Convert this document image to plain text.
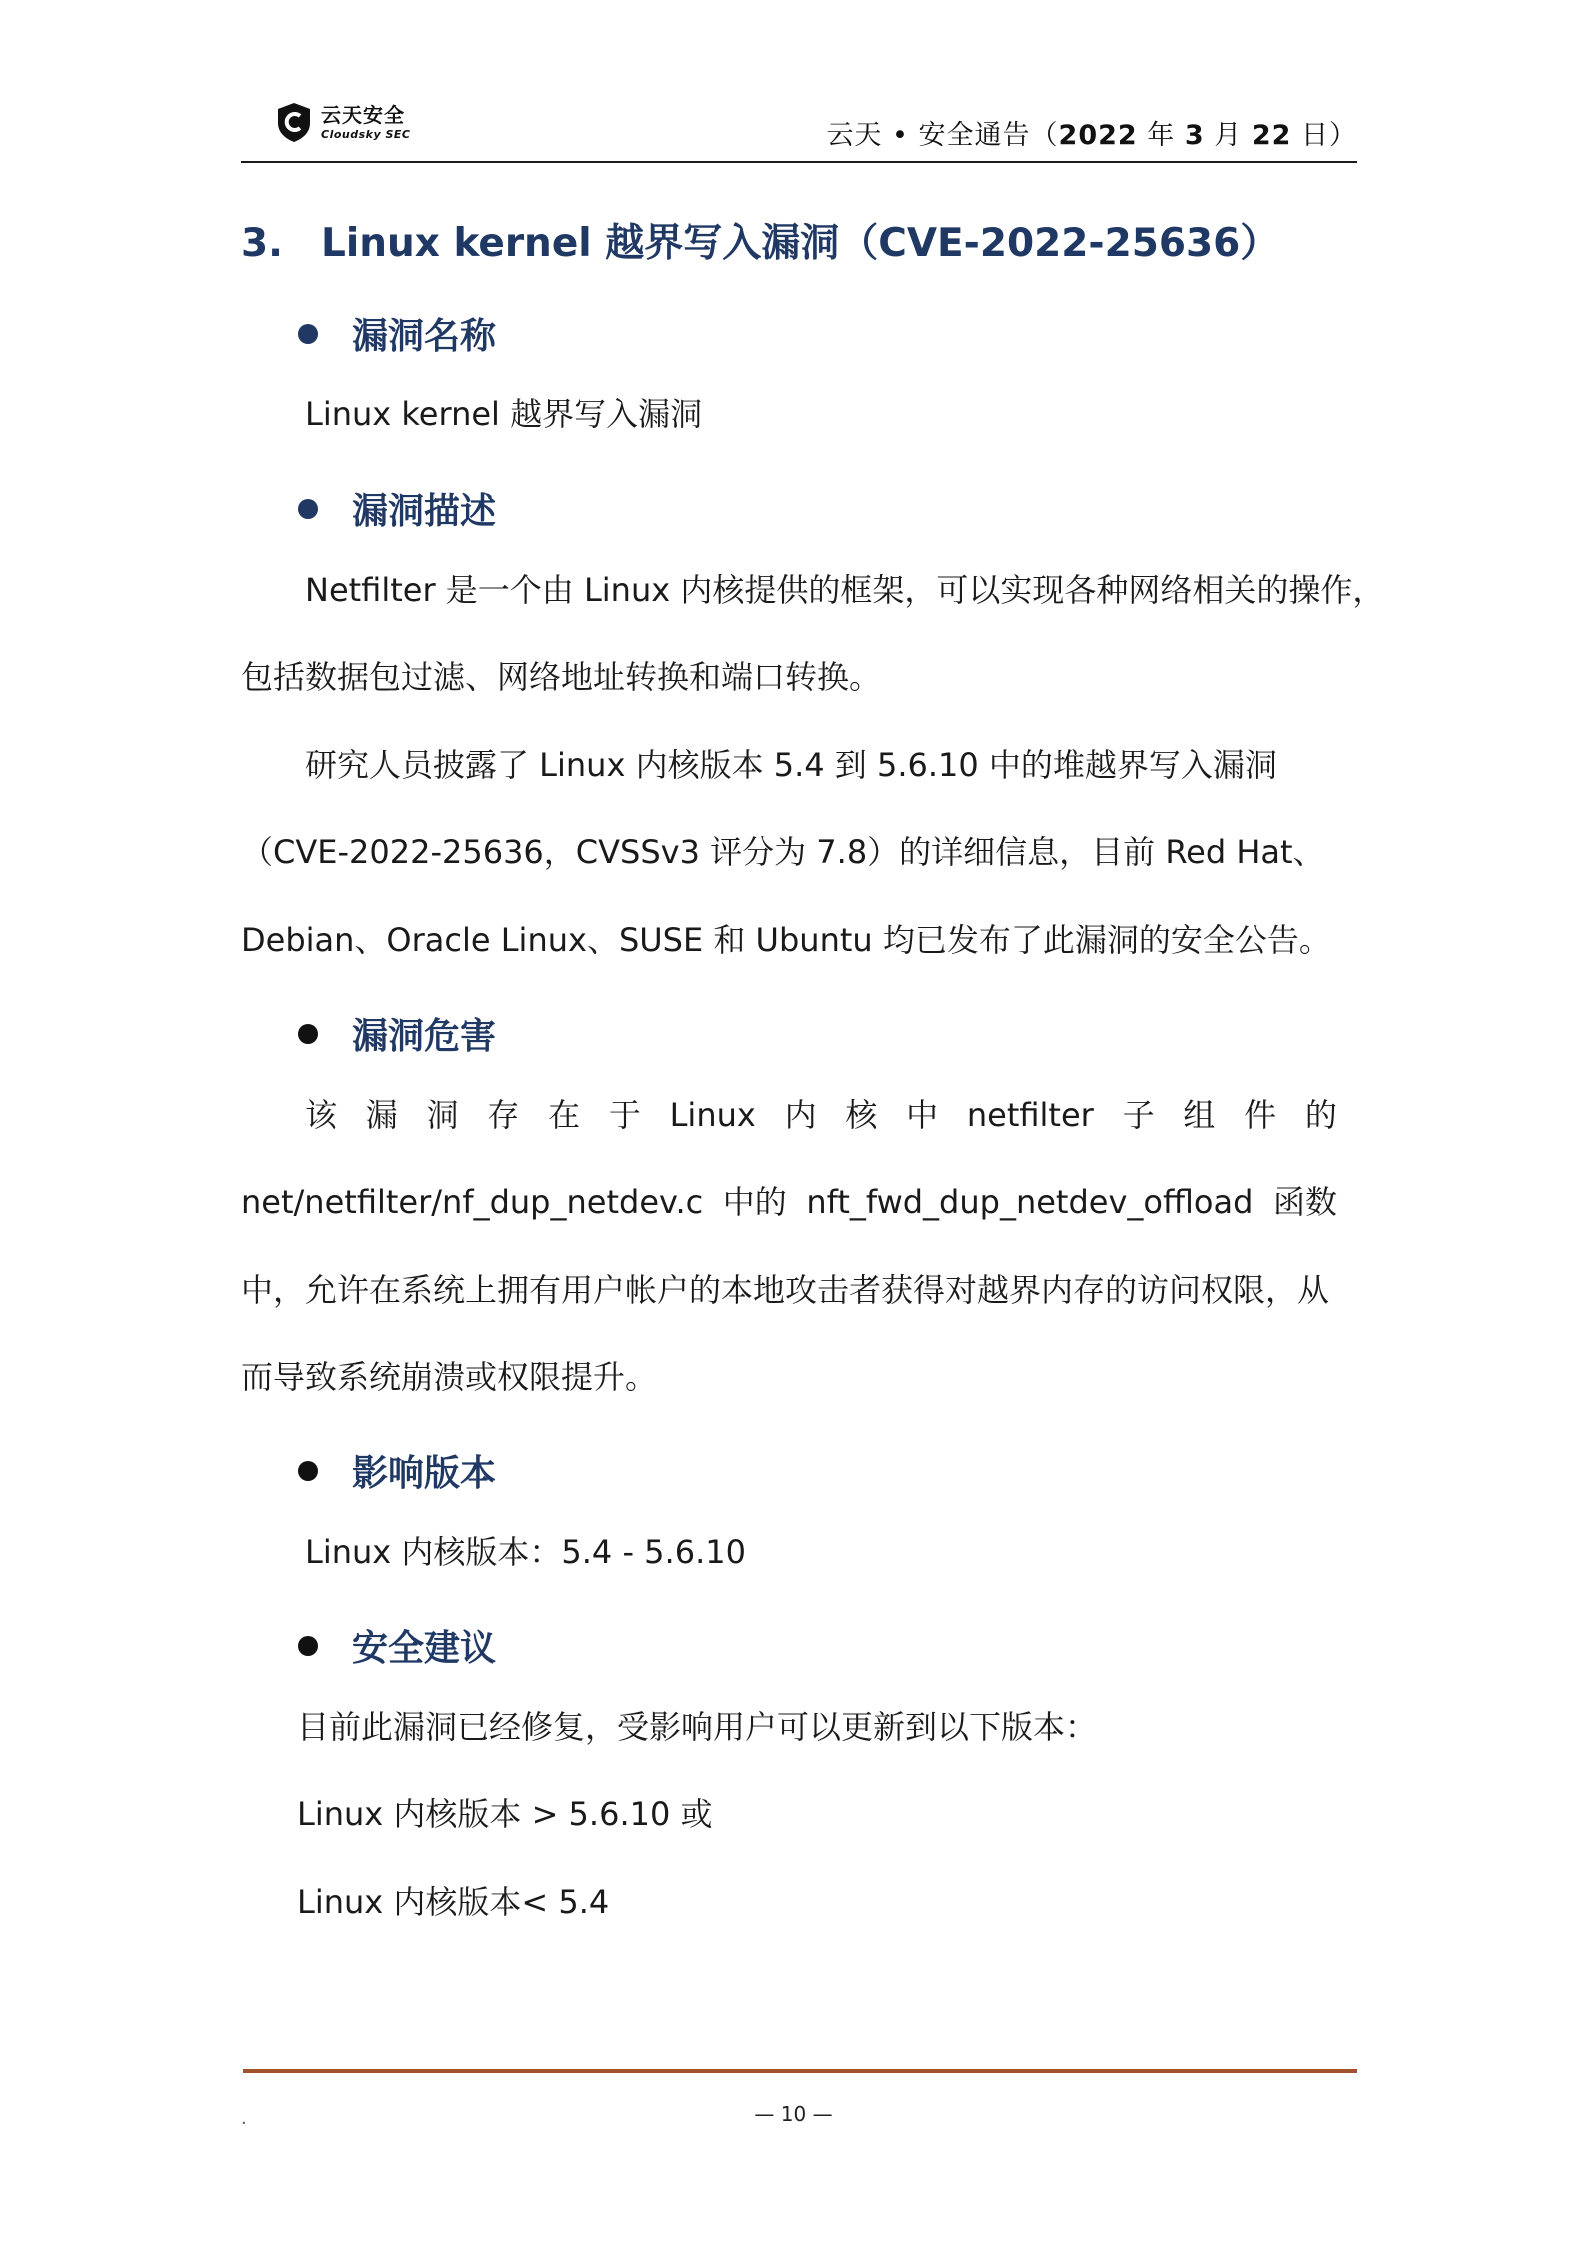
云天安全
Cloudsky SEC	云天 • 安全通告（2022 年 3 月 22 日）
3. Linux kernel 越界写入漏洞（CVE-2022-25636）
漏洞名称
Linux kernel 越界写入漏洞
漏洞描述
Netfilter 是一个由 Linux 内核提供的框架，可以实现各种网络相关的操作，
包括数据包过滤、网络地址转换和端口转换。
研究人员披露了 Linux 内核版本 5.4 到 5.6.10 中的堆越界写入漏洞
（CVE-2022-25636，CVSSv3 评分为 7.8）的详细信息，目前 Red Hat、
Debian、Oracle Linux、SUSE 和 Ubuntu 均已发布了此漏洞的安全公告。
漏洞危害
该 漏 洞 存 在 于 Linux 内 核 中 netfilter 子 组 件 的
net/netfilter/nf_dup_netdev.c 中的 nft_fwd_dup_netdev_offload 函数
中，允许在系统上拥有用户帐户的本地攻击者获得对越界内存的访问权限，从
而导致系统崩溃或权限提升。
影响版本
Linux 内核版本：5.4 - 5.6.10
安全建议
目前此漏洞已经修复，受影响用户可以更新到以下版本：
Linux 内核版本 > 5.6.10 或
Linux 内核版本< 5.4
.	— 10 —
